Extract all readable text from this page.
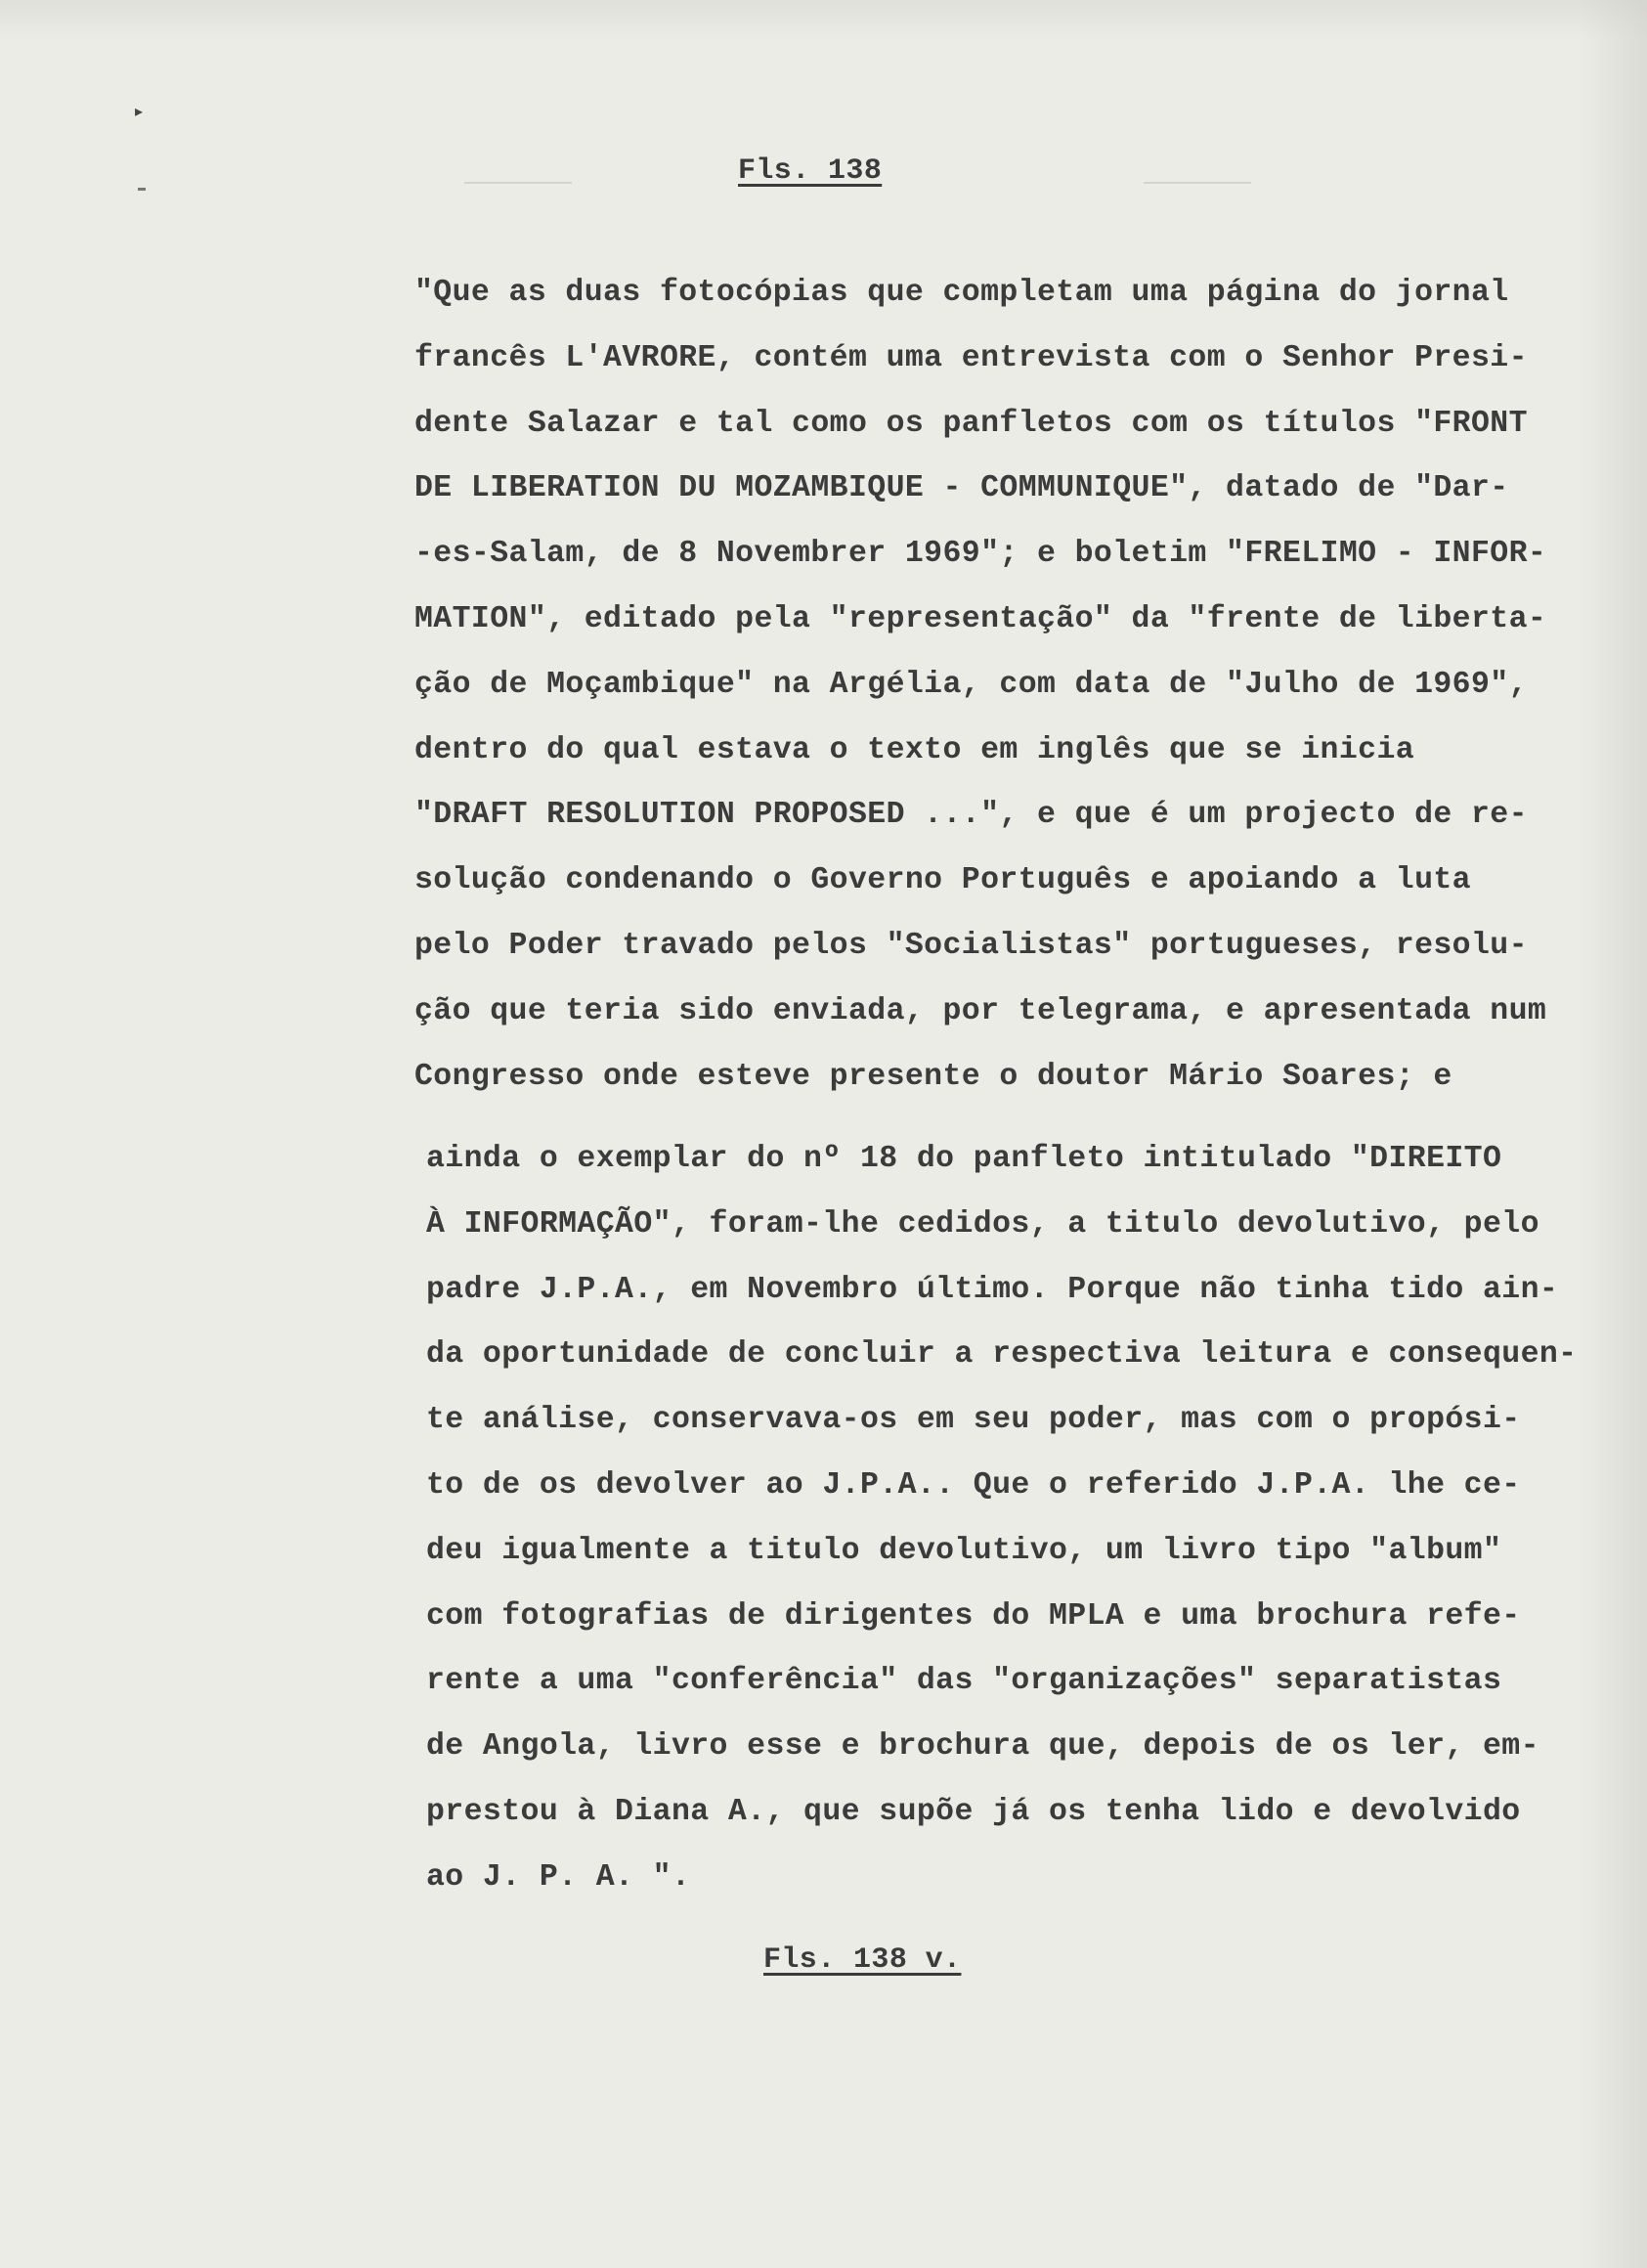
▸
Fls. 138
"Que as duas fotocópias que completam uma página do jornal
francês L'AVRORE, contém uma entrevista com o Senhor Presi-
dente Salazar e tal como os panfletos com os títulos "FRONT
DE LIBERATION DU MOZAMBIQUE - COMMUNIQUE", datado de "Dar-
-es-Salam, de 8 Novembrer 1969"; e boletim "FRELIMO - INFOR-
MATION", editado pela "representação" da "frente de liberta-
ção de Moçambique" na Argélia, com data de "Julho de 1969",
dentro do qual estava o texto em inglês que se inicia
"DRAFT RESOLUTION PROPOSED ...", e que é um projecto de re-
solução condenando o Governo Português e apoiando a luta
pelo Poder travado pelos "Socialistas" portugueses, resolu-
ção que teria sido enviada, por telegrama, e apresentada num
Congresso onde esteve presente o doutor Mário Soares; e
ainda o exemplar do nº 18 do panfleto intitulado "DIREITO
À INFORMAÇÃO", foram-lhe cedidos, a titulo devolutivo, pelo
padre J.P.A., em Novembro último. Porque não tinha tido ain-
da oportunidade de concluir a respectiva leitura e consequen-
te análise, conservava-os em seu poder, mas com o propósi-
to de os devolver ao J.P.A.. Que o referido J.P.A. lhe ce-
deu igualmente a titulo devolutivo, um livro tipo "album"
com fotografias de dirigentes do MPLA e uma brochura refe-
rente a uma "conferência" das "organizações" separatistas
de Angola, livro esse e brochura que, depois de os ler, em-
prestou à Diana A., que supõe já os tenha lido e devolvido
ao J. P. A. ".
Fls. 138 v.
